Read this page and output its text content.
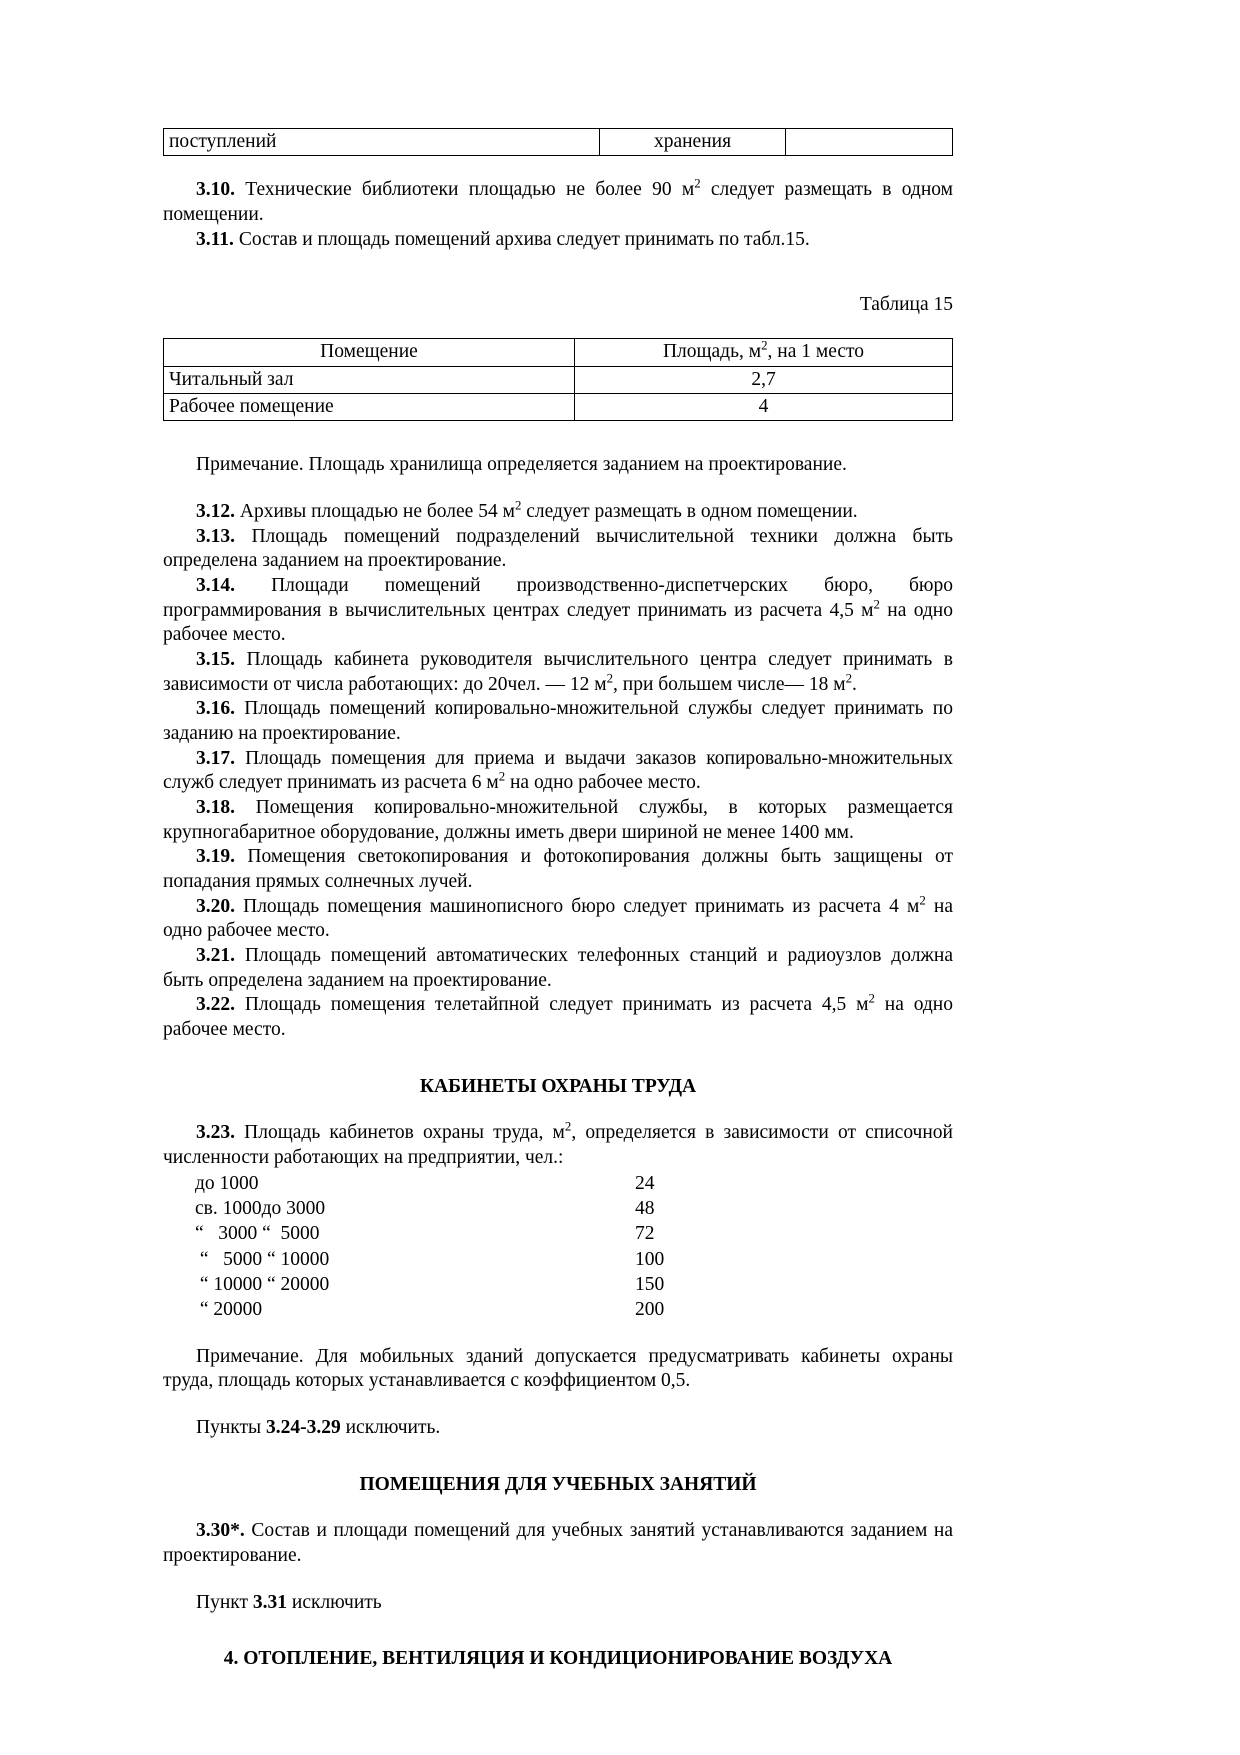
поступлений	хранения	

3.10. Технические библиотеки площадью не более 90 $м^2$ следует размещать в одном помещении.

3.11. Состав и площадь помещений архива следует принимать по табл.15.

Таблица 15

Помещение	Площадь, $м^2$, на 1 место
Читальный зал	2,7
Рабочее помещение	4

Примечание. Площадь хранилища определяется заданием на проектирование.

3.12. Архивы площадью не более 54 $м^2$ следует размещать в одном помещении.

3.13. Площадь помещений подразделений вычислительной техники должна быть определена заданием на проектирование.

3.14. Площади помещений производственно-диспетчерских бюро, бюро программирования в вычислительных центрах следует принимать из расчета 4,5 $м^2$ на одно рабочее место.

3.15. Площадь кабинета руководителя вычислительного центра следует принимать в зависимости от числа работающих: до 20чел. — 12 $м^2$, при большем числе— 18 $м^2$.

3.16. Площадь помещений копировально-множительной службы следует принимать по заданию на проектирование.

3.17. Площадь помещения для приема и выдачи заказов копировально-множительных служб следует принимать из расчета 6 $м^2$ на одно рабочее место.

3.18. Помещения копировально-множительной службы, в которых размещается крупногабаритное оборудование, должны иметь двери шириной не менее 1400 мм.

3.19. Помещения светокопирования и фотокопирования должны быть защищены от попадания прямых солнечных лучей.

3.20. Площадь помещения машинописного бюро следует принимать из расчета 4 $м^2$ на одно рабочее место.

3.21. Площадь помещений автоматических телефонных станций и радиоузлов должна быть определена заданием на проектирование.

3.22. Площадь помещения телетайпной следует принимать из расчета 4,5 $м^2$ на одно рабочее место.

КАБИНЕТЫ ОХРАНЫ ТРУДА

3.23. Площадь кабинетов охраны труда, $м^2$, определяется в зависимости от списочной численности работающих на предприятии, чел.:

до 1000	24
св. 1000до 3000	48
“   3000 “  5000	72
“   5000 “ 10000	100
“ 10000 “ 20000	150
“ 20000	200

Примечание. Для мобильных зданий допускается предусматривать кабинеты охраны труда, площадь которых устанавливается с коэффициентом 0,5.

Пункты 3.24-3.29 исключить.

ПОМЕЩЕНИЯ ДЛЯ УЧЕБНЫХ ЗАНЯТИЙ

3.30*. Состав и площади помещений для учебных занятий устанавливаются заданием на проектирование.

Пункт 3.31 исключить

4. ОТОПЛЕНИЕ, ВЕНТИЛЯЦИЯ И КОНДИЦИОНИРОВАНИЕ ВОЗДУХА
